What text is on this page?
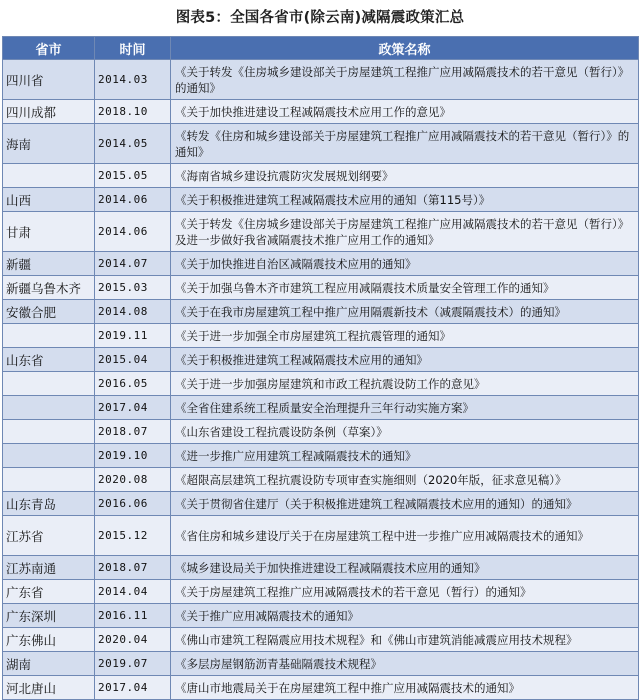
图表5：全国各省市(除云南)减隔震政策汇总
省市	时间	政策名称
四川省	2014.03	《关于转发《住房城乡建设部关于房屋建筑工程推广应用减隔震技术的若干意见（暂行）》的通知》
四川成都	2018.10	《关于加快推进建设工程减隔震技术应用工作的意见》
海南	2014.05	《转发《住房和城乡建设部关于房屋建筑工程推广应用减隔震技术的若干意见（暂行）》的通知》
	2015.05	《海南省城乡建设抗震防灾发展规划纲要》
山西	2014.06	《关于积极推进建筑工程减隔震技术应用的通知（第115号）》
甘肃	2014.06	《关于转发《住房城乡建设部关于房屋建筑工程推广应用减隔震技术的若干意见（暂行）》及进一步做好我省减隔震技术推广应用工作的通知》
新疆	2014.07	《关于加快推进自治区减隔震技术应用的通知》
新疆乌鲁木齐	2015.03	《关于加强乌鲁木齐市建筑工程应用减隔震技术质量安全管理工作的通知》
安徽合肥	2014.08	《关于在我市房屋建筑工程中推广应用隔震新技术（减震隔震技术）的通知》
	2019.11	《关于进一步加强全市房屋建筑工程抗震管理的通知》
山东省	2015.04	《关于积极推进建筑工程减隔震技术应用的通知》
	2016.05	《关于进一步加强房屋建筑和市政工程抗震设防工作的意见》
	2017.04	《全省住建系统工程质量安全治理提升三年行动实施方案》
	2018.07	《山东省建设工程抗震设防条例（草案）》
	2019.10	《进一步推广应用建筑工程减隔震技术的通知》
	2020.08	《超限高层建筑工程抗震设防专项审查实施细则（2020年版，征求意见稿）》
山东青岛	2016.06	《关于贯彻省住建厅（关于积极推进建筑工程减隔震技术应用的通知）的通知》
江苏省	2015.12	《省住房和城乡建设厅关于在房屋建筑工程中进一步推广应用减隔震技术的通知》
江苏南通	2018.07	《城乡建设局关于加快推进建设工程减隔震技术应用的通知》
广东省	2014.04	《关于房屋建筑工程推广应用减隔震技术的若干意见（暂行）的通知》
广东深圳	2016.11	《关于推广应用减隔震技术的通知》
广东佛山	2020.04	《佛山市建筑工程隔震应用技术规程》和《佛山市建筑消能减震应用技术规程》
湖南	2019.07	《多层房屋钢筋沥青基础隔震技术规程》
河北唐山	2017.04	《唐山市地震局关于在房屋建筑工程中推广应用减隔震技术的通知》
